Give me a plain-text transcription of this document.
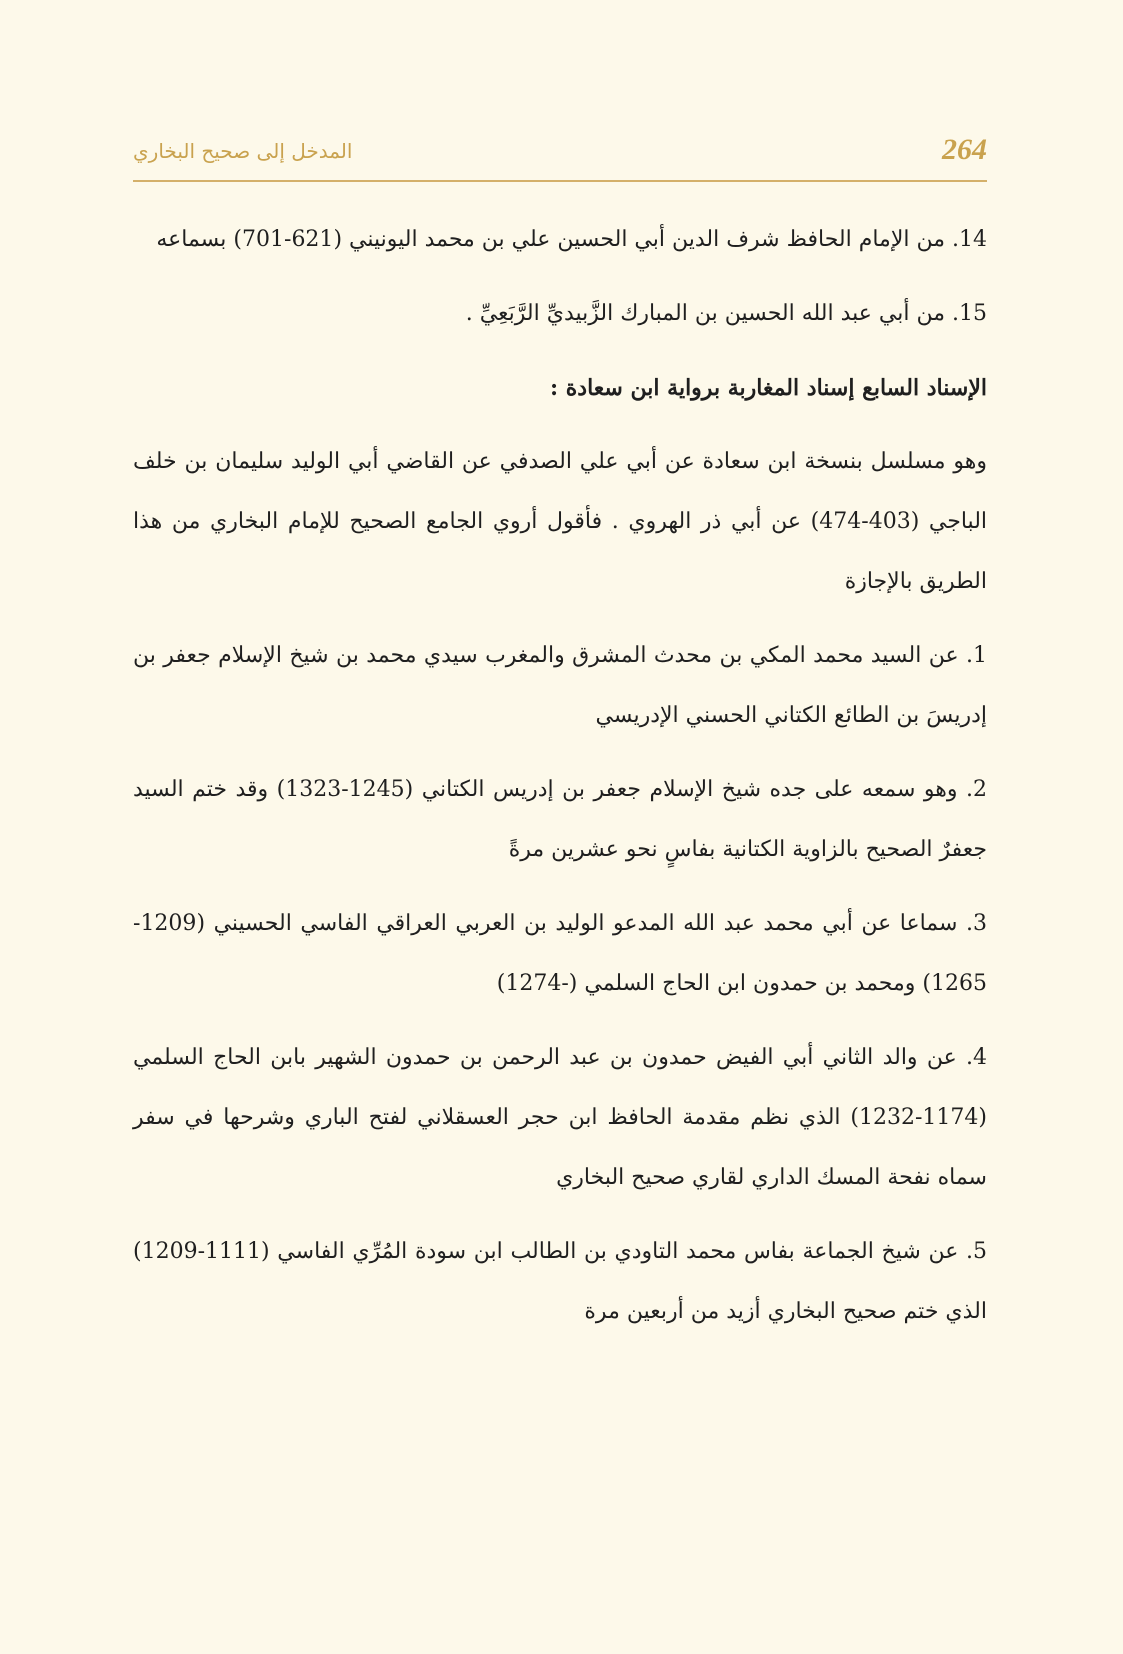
264
المدخل إلى صحيح البخاري

14. من الإمام الحافظ شرف الدين أبي الحسين علي بن محمد اليونيني (621-701) بسماعه

15. من أبي عبد الله الحسين بن المبارك الزَّبيديِّ الرَّبَعِيِّ .

الإسناد السابع إسناد المغاربة برواية ابن سعادة :

وهو مسلسل بنسخة ابن سعادة عن أبي علي الصدفي عن القاضي أبي الوليد سليمان بن خلف الباجي (403-474) عن أبي ذر الهروي . فأقول أروي الجامع الصحيح للإمام البخاري من هذا الطريق بالإجازة

1. عن السيد محمد المكي بن محدث المشرق والمغرب سيدي محمد بن شيخ الإسلام جعفر بن إدريسَ بن الطائع الكتاني الحسني الإدريسي

2. وهو سمعه على جده شيخ الإسلام جعفر بن إدريس الكتاني (1245-1323) وقد ختم السيد جعفرٌ الصحيح بالزاوية الكتانية بفاسٍ نحو عشرين مرةً

3. سماعا عن أبي محمد عبد الله المدعو الوليد بن العربي العراقي الفاسي الحسيني (1209-1265) ومحمد بن حمدون ابن الحاج السلمي (-1274)

4. عن والد الثاني أبي الفيض حمدون بن عبد الرحمن بن حمدون الشهير بابن الحاج السلمي (1174-1232) الذي نظم مقدمة الحافظ ابن حجر العسقلاني لفتح الباري وشرحها في سفر سماه نفحة المسك الداري لقاري صحيح البخاري

5. عن شيخ الجماعة بفاس محمد التاودي بن الطالب ابن سودة المُرِّي الفاسي (1111-1209) الذي ختم صحيح البخاري أزيد من أربعين مرة
